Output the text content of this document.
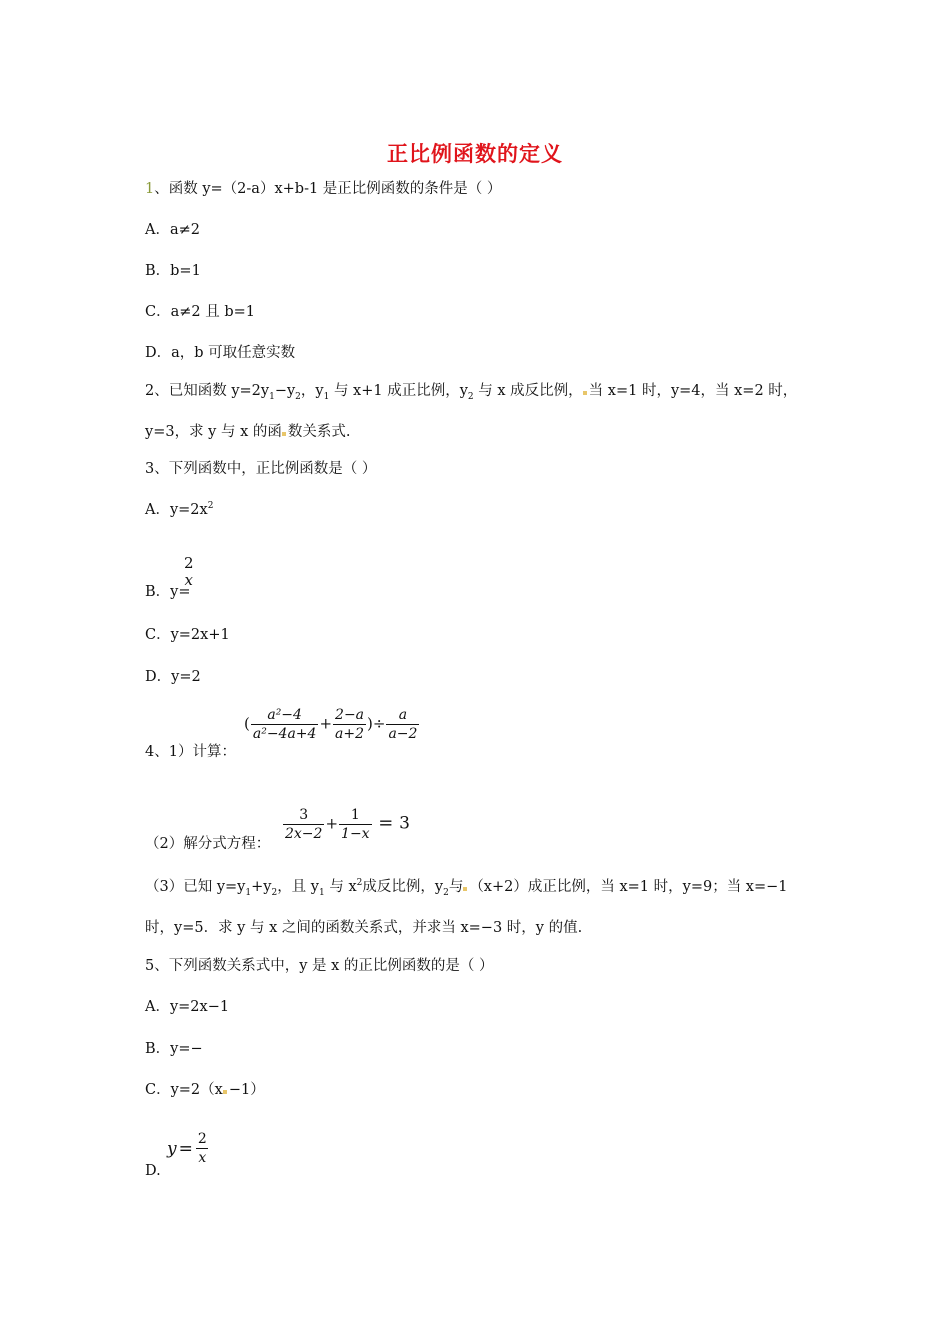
正比例函数的定义
1、函数 y=（2-a）x+b-1 是正比例函数的条件是（ ）
A．a≠2
B．b=1
C．a≠2 且 b=1
D．a，b 可取任意实数
2、已知函数 $y=2y_1-y_2$，$y_1$ 与 x+1 成正比例，$y_2$ 与 x 成反比例， 当 x=1 时，y=4，当 x=2 时，
y=3，求 y 与 x 的函 数关系式.
3、下列函数中，正比例函数是（ ）
A．$y=2x^2$
B．y=
2
x
C．y=2x+1
D．y=2
4、1）计算：
( $\frac{\text{a²−4}}{\text{a²−4a+4}} + \frac{2-a}{a+2}$ )÷ $\frac{a}{a-2}$
（2）解分式方程：
$\frac{3}{2x-2} + \frac{1}{1-x} = 3$
（3）已知 $y=y_1+y_2$，且 $y_1$ 与 $x^2$成反比例，$y_2$与 （x+2）成正比例，当 x=1 时，y=9；当 x=−1
时，y=5．求 y 与 x 之间的函数关系式，并求当 x=−3 时，y 的值.
5、下列函数关系式中，y 是 x 的正比例函数的是（ ）
A．y=2x−1
B．y=−
C．y=2（x −1）
D.
$y = \frac{2}{x}$
